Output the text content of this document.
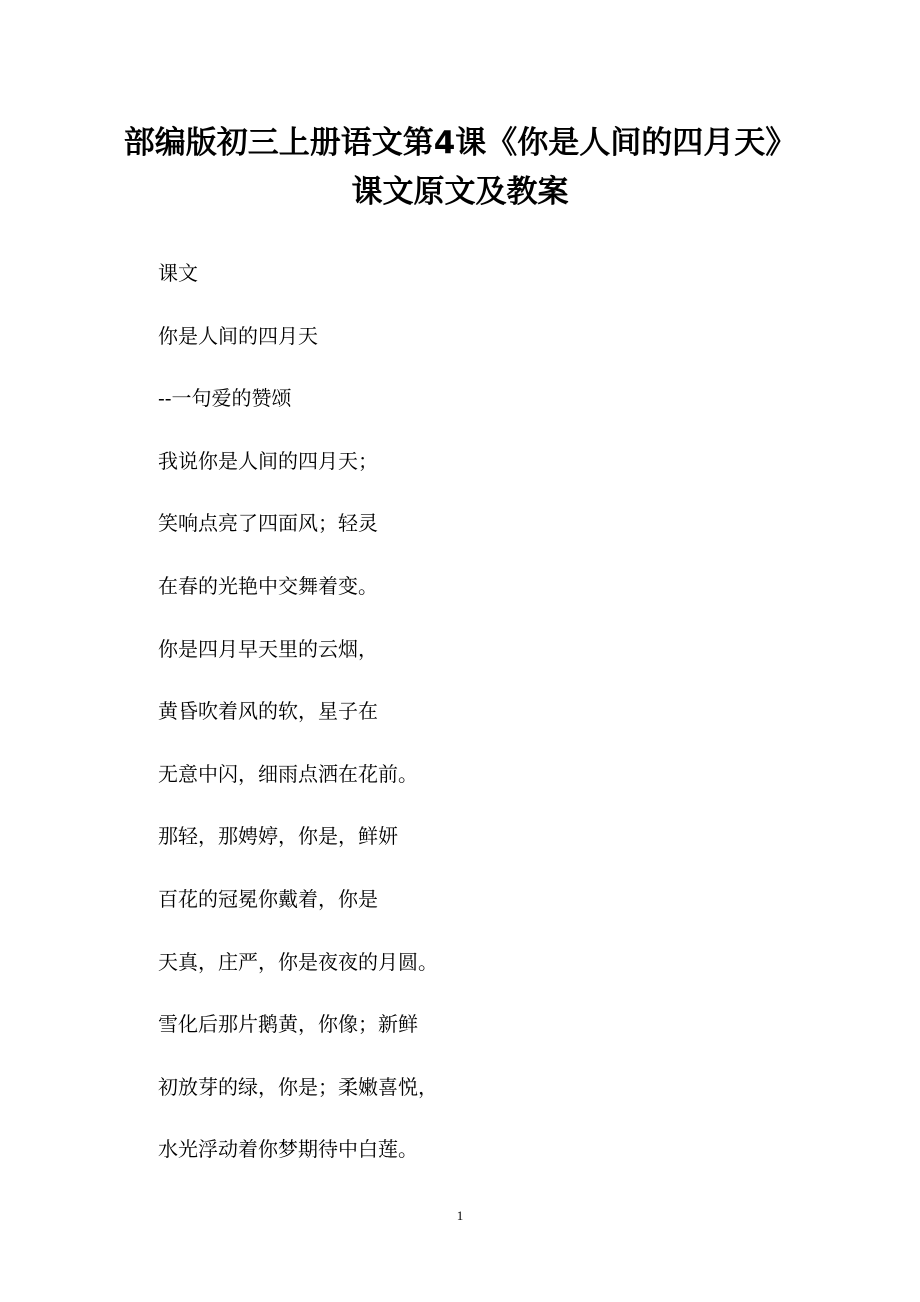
部编版初三上册语文第4课《你是人间的四月天》
课文原文及教案
课文
你是人间的四月天
--一句爱的赞颂
我说你是人间的四月天；
笑响点亮了四面风；轻灵
在春的光艳中交舞着变。
你是四月早天里的云烟，
黄昏吹着风的软，星子在
无意中闪，细雨点洒在花前。
那轻，那娉婷，你是，鲜妍
百花的冠冕你戴着，你是
天真，庄严，你是夜夜的月圆。
雪化后那片鹅黄，你像；新鲜
初放芽的绿，你是；柔嫩喜悦，
水光浮动着你梦期待中白莲。
1
